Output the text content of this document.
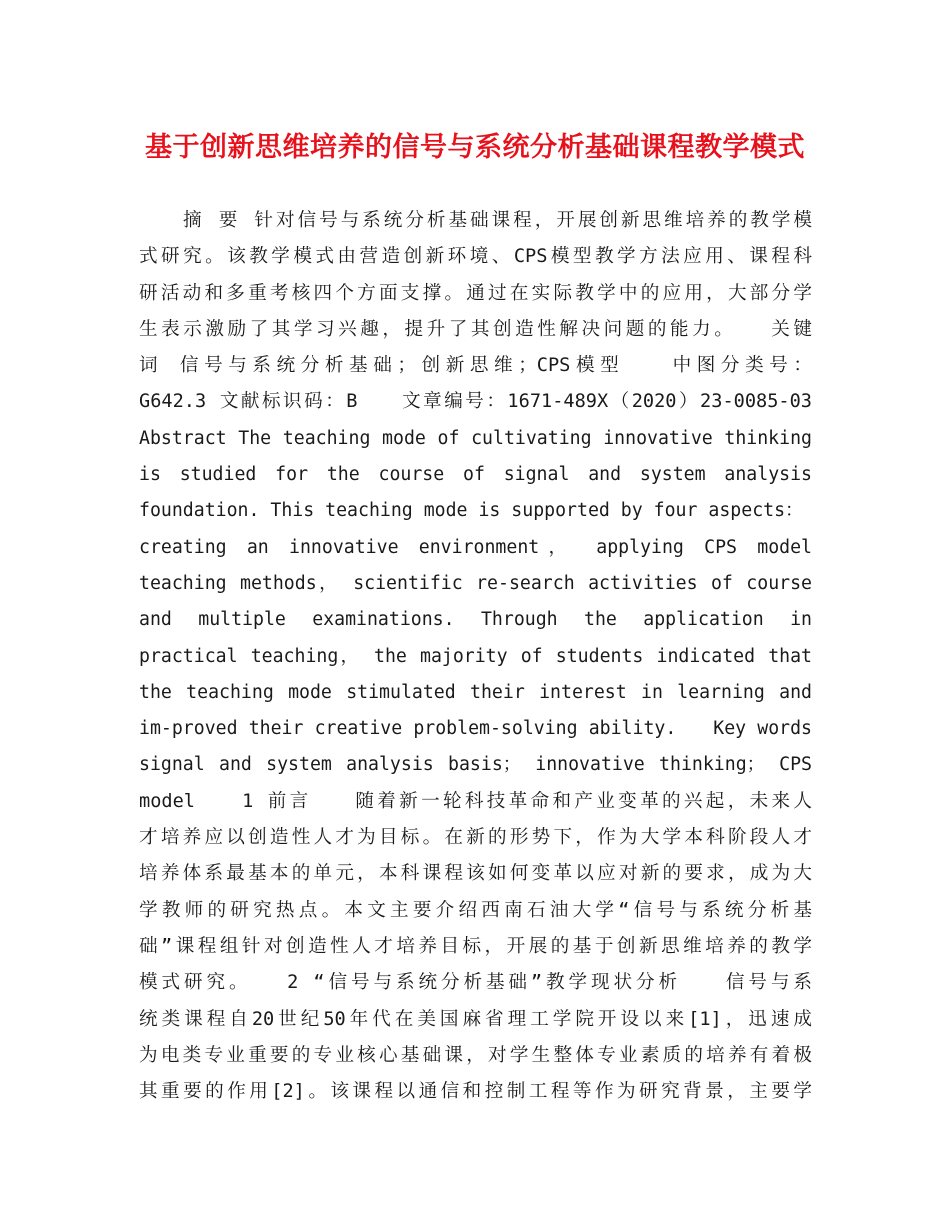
基于创新思维培养的信号与系统分析基础课程教学模式
摘 要 针对信号与系统分析基础课程，开展创新思维培养的教学模
式研究。该教学模式由营造创新环境、CPS模型教学方法应用、课程科
研活动和多重考核四个方面支撑。通过在实际教学中的应用，大部分学
生表示激励了其学习兴趣，提升了其创造性解决问题的能力。　　关键
词 信号与系统分析基础；创新思维；CPS模型　　中图分类号：
G642.3 文献标识码：B　　文章编号：1671-489X（2020）23-0085-03
Abstract The teaching mode of cultivating innovative thinking
is studied for the course of signal and system analysis
foundation. This teaching mode is supported by four aspects：
creating an innovative environment， applying CPS model
teaching methods， scientific re-search activities of course
and multiple examinations. Through the application in
practical teaching， the majority of students indicated that
the teaching mode stimulated their interest in learning and
im-proved their creative problem-solving ability.　　Key words
signal and system analysis basis； innovative thinking； CPS
model　　1 前言　　随着新一轮科技革命和产业变革的兴起，未来人
才培养应以创造性人才为目标。在新的形势下，作为大学本科阶段人才
培养体系最基本的单元，本科课程该如何变革以应对新的要求，成为大
学教师的研究热点。本文主要介绍西南石油大学“信号与系统分析基
础”课程组针对创造性人才培养目标，开展的基于创新思维培养的教学
模式研究。　　2 “信号与系统分析基础”教学现状分析　　信号与系
统类课程自20世纪50年代在美国麻省理工学院开设以来[1]，迅速成
为电类专业重要的专业核心基础课，对学生整体专业素质的培养有着极
其重要的作用[2]。该课程以通信和控制工程等作为研究背景，主要学
